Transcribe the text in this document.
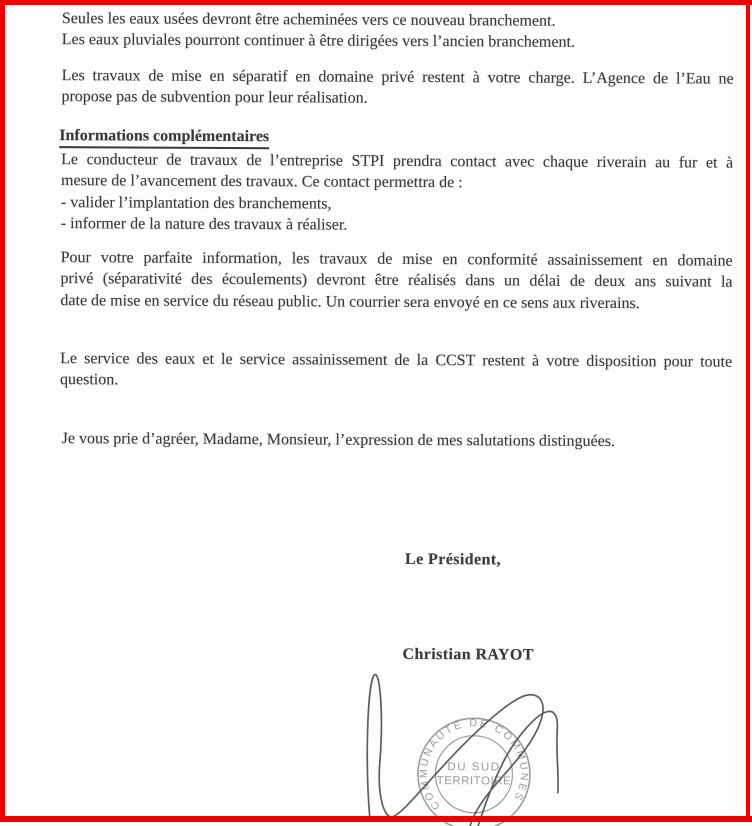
Seules les eaux usées devront être acheminées vers ce nouveau branchement.
Les eaux pluviales pourront continuer à être dirigées vers l’ancien branchement.
Les travaux de mise en séparatif en domaine privé restent à votre charge. L’Agence de l’Eau ne
propose pas de subvention pour leur réalisation.
Informations complémentaires
Le conducteur de travaux de l’entreprise STPI prendra contact avec chaque riverain au fur et à
mesure de l’avancement des travaux. Ce contact permettra de :
- valider l’implantation des branchements,
- informer de la nature des travaux à réaliser.
Pour votre parfaite information, les travaux de mise en conformité assainissement en domaine
privé (séparativité des écoulements) devront être réalisés dans un délai de deux ans suivant la
date de mise en service du réseau public. Un courrier sera envoyé en ce sens aux riverains.
Le service des eaux et le service assainissement de la CCST restent à votre disposition pour toute
question.
Je vous prie d’agréer, Madame, Monsieur, l’expression de mes salutations distinguées.
Le Président,
Christian RAYOT
COMMUNAUTÉ DE COMMUNES
DU SUD
TERRITOIRE
